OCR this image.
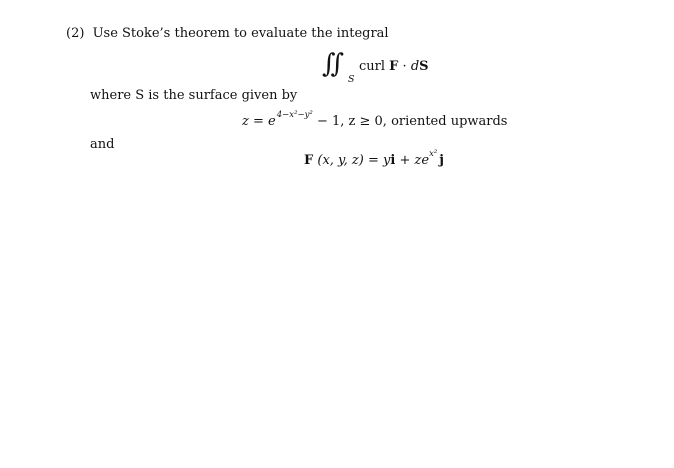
(2) Use Stoke’s theorem to evaluate the integral
∫∫
S
curl F · dS
where S is the surface given by
$z = e^{4-x^2-y^2} - 1$, z ≥ 0, oriented upwards
and
F (x, y, z) = yi + $ze^{x^2}$ j
